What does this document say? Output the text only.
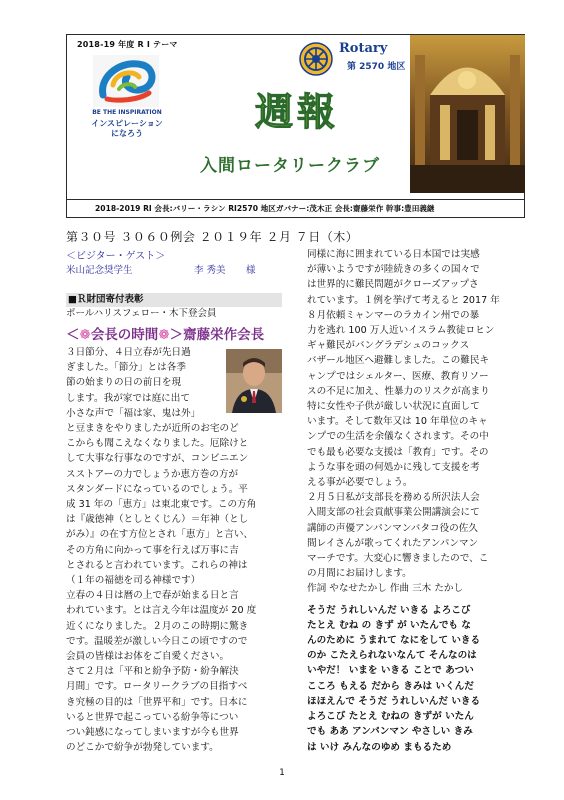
2018-19 年度 R I テーマ
BE THE INSPIRATION
インスピレーション
になろう
Rotary
第 2570 地区
週報
入間ロータリークラブ
2018-2019 RI 会長:バリー・ラシン RI2570 地区ガバナー:茂木正 会長:齋藤栄作 幹事:豊田義継
第３０号 ３０６０例会 ２０１９年 ２月 ７日（木）
＜ビジター・ゲスト＞
米山記念奨学生	李 秀美	様
■Ｒ財団寄付表彰
ポールハリスフェロー・木下登会員
＜❁会長の時間❁＞齋藤栄作会長
３日節分、４日立春が先日過
ぎました。「節分」とは各季
節の始まりの日の前日を現
します。我が家では庭に出て
小さな声で「福は家、鬼は外」
と豆まきをやりましたが近所のお宅のど
こからも聞こえなくなりました。厄除けと
して大事な行事なのですが、コンビニエン
スストアーの力でしょうか恵方巻の方が
スタンダードになっているのでしょう。平
成 31 年の「恵方」は東北東です。この方角
は『歳徳神（としとくじん）＝年神（とし
がみ）』の在す方位とされ「恵方」と言い、
その方角に向かって事を行えば万事に吉
とされると言われています。これらの神は
（１年の福徳を司る神様です）
立春の４日は暦の上で春が始まる日と言
われています。とは言え今年は温度が 20 度
近くになりました。２月のこの時期に驚き
です。温暖差が激しい今日この頃ですので
会員の皆様はお体をご自愛ください。
さて２月は「平和と紛争予防・紛争解決
月間」です。ロータリークラブの目指すべ
き究極の目的は「世界平和」です。日本に
いると世界で起こっている紛争等につい
つい鈍感になってしまいますが今も世界
のどこかで紛争が勃発しています。
同様に海に囲まれている日本国では実感
が薄いようですが陸続きの多くの国々で
は世界的に難民問題がクローズアップさ
れています。１例を挙げて考えると 2017 年
８月依頼ミャンマーのラカイン州での暴
力を逃れ 100 万人近いイスラム教徒ロヒン
ギャ難民がバングラデシュのコックス
バザール地区へ避難しました。この難民キ
ャンプではシェルター、医療、教育リソー
スの不足に加え、性暴力のリスクが高まり
特に女性や子供が厳しい状況に直面して
います。そして数年又は 10 年単位のキャ
ンプでの生活を余儀なくされます。その中
でも最も必要な支援は「教育」です。その
ような事を頭の何処かに残して支援を考
える事が必要でしょう。
２月５日私が支部長を務める所沢法人会
入間支部の社会貢献事業公開講演会にて
講師の声優アンパンマンバタコ役の佐久
間レイさんが歌ってくれたアンパンマン
マーチです。大変心に響きましたので、こ
の月間にお届けします。
作詞 やなせたかし 作曲 三木 たかし
そうだ うれしいんだ いきる よろこび
たとえ むね の きず が いたんでも な
んのために うまれて なにをして いきる
のか こたえられないなんて そんなのは
いやだ！ いまを いきる ことで あつい
こころ もえる だから きみは いくんだ
ほほえんで そうだ うれしいんだ いきる
よろこび たとえ むねの きずが いたん
でも ああ アンパンマン やさしい きみ
は いけ みんなのゆめ まもるため
1
